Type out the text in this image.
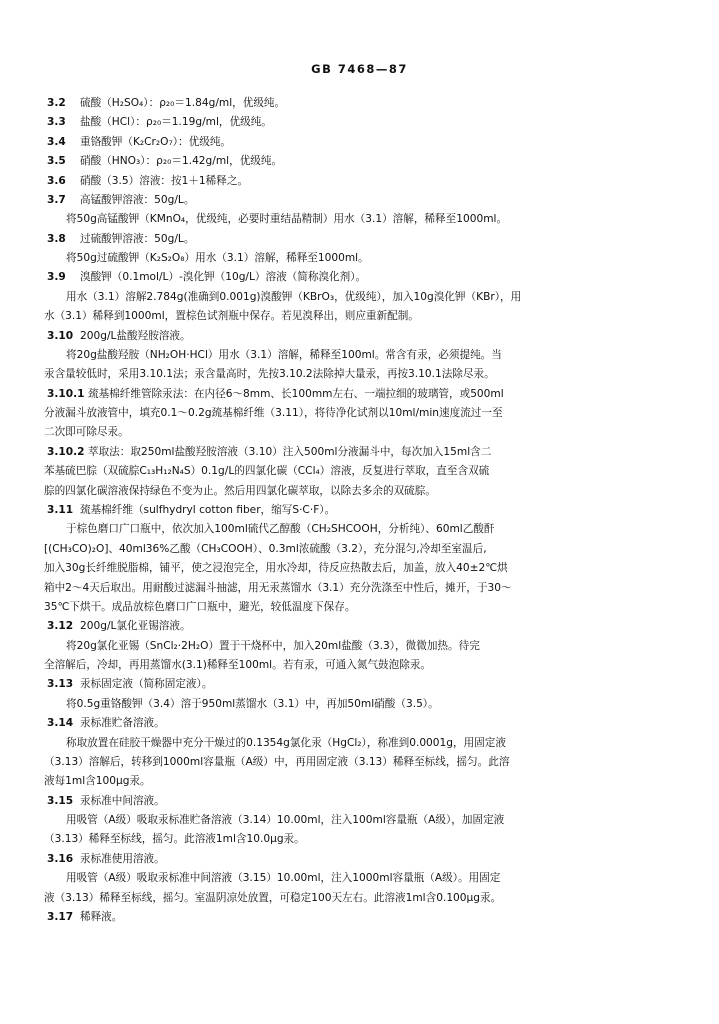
GB 7468—87
3.2 硫酸（H₂SO₄）：ρ₂₀＝1.84g/ml，优级纯。
3.3 盐酸（HCl）：ρ₂₀＝1.19g/ml，优级纯。
3.4 重铬酸钾（K₂Cr₂O₇）：优级纯。
3.5 硝酸（HNO₃）：ρ₂₀＝1.42g/ml，优级纯。
3.6 硝酸（3.5）溶液：按1＋1稀释之。
3.7 高锰酸钾溶液：50g/L。
将50g高锰酸钾（KMnO₄，优级纯，必要时重结晶精制）用水（3.1）溶解，稀释至1000ml。
3.8 过硫酸钾溶液：50g/L。
将50g过硫酸钾（K₂S₂O₈）用水（3.1）溶解，稀释至1000ml。
3.9 溴酸钾（0.1mol/L）-溴化钾（10g/L）溶液（简称溴化剂）。
用水（3.1）溶解2.784g(准确到0.001g)溴酸钾（KBrO₃，优级纯），加入10g溴化钾（KBr），用
水（3.1）稀释到1000ml，置棕色试剂瓶中保存。若见溴释出，则应重新配制。
3.10 200g/L盐酸羟胺溶液。
将20g盐酸羟胺（NH₂OH·HCl）用水（3.1）溶解，稀释至100ml。常含有汞，必须提纯。当
汞含量较低时，采用3.10.1法；汞含量高时，先按3.10.2法除掉大量汞，再按3.10.1法除尽汞。
3.10.1 巯基棉纤维管除汞法：在内径6～8mm、长100mm左右、一端拉细的玻璃管，或500ml
分液漏斗放液管中，填充0.1～0.2g巯基棉纤维（3.11），将待净化试剂以10ml/min速度流过一至
二次即可除尽汞。
3.10.2 萃取法：取250ml盐酸羟胺溶液（3.10）注入500ml分液漏斗中，每次加入15ml含二
苯基硫巴腙（双硫腙C₁₃H₁₂N₄S）0.1g/L的四氯化碳（CCl₄）溶液，反复进行萃取，直至含双硫
腙的四氯化碳溶液保持绿色不变为止。然后用四氯化碳萃取，以除去多余的双硫腙。
3.11 巯基棉纤维（sulfhydryl cotton fiber，缩写S·C·F）。
于棕色磨口广口瓶中，依次加入100ml硫代乙醇酸（CH₂SHCOOH，分析纯）、60ml乙酸酐
[(CH₃CO)₂O]、40ml36%乙酸（CH₃COOH）、0.3ml浓硫酸（3.2），充分混匀,冷却至室温后,
加入30g长纤维脱脂棉，铺平，使之浸泡完全，用水冷却，待反应热散去后，加盖，放入40±2℃烘
箱中2～4天后取出。用耐酸过滤漏斗抽滤，用无汞蒸馏水（3.1）充分洗涤至中性后，摊开，于30～
35℃下烘干。成品放棕色磨口广口瓶中，避光，较低温度下保存。
3.12 200g/L氯化亚锡溶液。
将20g氯化亚锡（SnCl₂·2H₂O）置于干烧杯中，加入20ml盐酸（3.3），微微加热。待完
全溶解后，冷却，再用蒸馏水(3.1)稀释至100ml。若有汞，可通入氮气鼓泡除汞。
3.13 汞标固定液（简称固定液）。
将0.5g重铬酸钾（3.4）溶于950ml蒸馏水（3.1）中，再加50ml硝酸（3.5）。
3.14 汞标准贮备溶液。
称取放置在硅胶干燥器中充分干燥过的0.1354g氯化汞（HgCl₂），称准到0.0001g，用固定液
（3.13）溶解后，转移到1000ml容量瓶（A级）中，再用固定液（3.13）稀释至标线，摇匀。此溶
液每1ml含100μg汞。
3.15 汞标准中间溶液。
用吸管（A级）吸取汞标准贮备溶液（3.14）10.00ml，注入100ml容量瓶（A级），加固定液
（3.13）稀释至标线，摇匀。此溶液1ml含10.0μg汞。
3.16 汞标准使用溶液。
用吸管（A级）吸取汞标准中间溶液（3.15）10.00ml，注入1000ml容量瓶（A级）。用固定
液（3.13）稀释至标线，摇匀。室温阴凉处放置，可稳定100天左右。此溶液1ml含0.100μg汞。
3.17 稀释液。
